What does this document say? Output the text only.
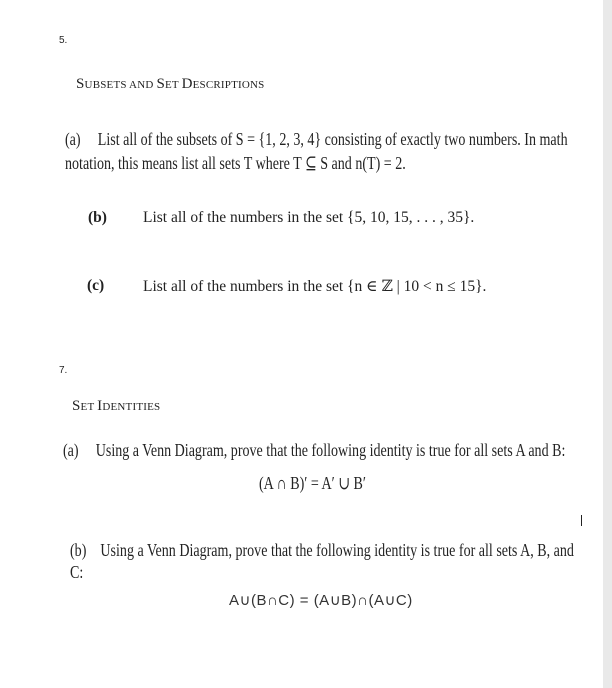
5.
SUBSETS AND SET DESCRIPTIONS
(a) List all of the subsets of S = {1, 2, 3, 4} consisting of exactly two numbers. In math
notation, this means list all sets T where T ⊆ S and n(T) = 2.
(b) List all of the numbers in the set {5, 10, 15, . . . , 35}.
(c)	List all of the numbers in the set {n ∈ ℤ | 10 < n ≤ 15}.
7.
SET IDENTITIES
(a) Using a Venn Diagram, prove that the following identity is true for all sets A and B:
(A ∩ B)′ = A′ ∪ B′
(b) Using a Venn Diagram, prove that the following identity is true for all sets A, B, and
C:
A∪(B∩C) = (A∪B)∩(A∪C)
